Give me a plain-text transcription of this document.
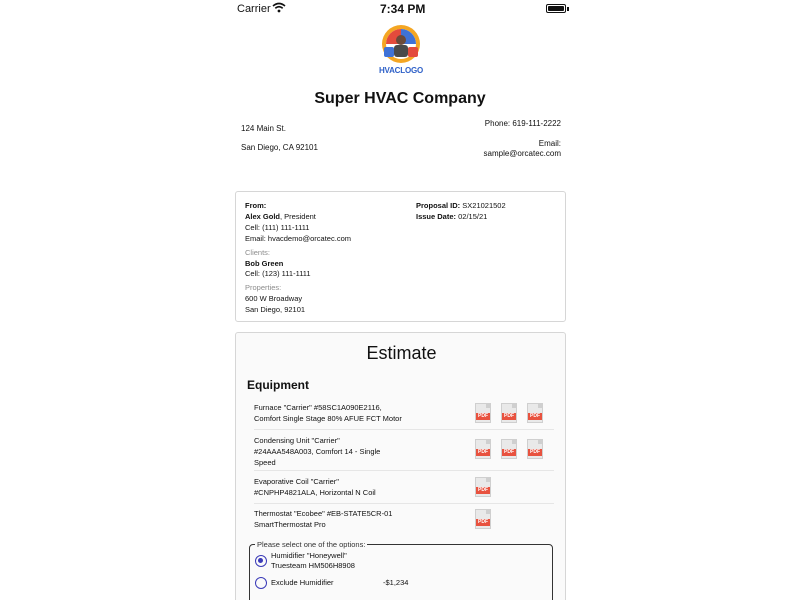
Carrier	7:34 PM
HVACLOGO
Super HVAC Company
124 Main St.
San Diego, CA 92101
Phone: 619-111-2222
Email:
sample@orcatec.com
From:
Alex Gold, President
Cell: (111) 111-1111
Email: hvacdemo@orcatec.com
Clients:
Bob Green
Cell: (123) 111-1111
Properties:
600 W Broadway
San Diego, 92101
Proposal ID: SX21021502
Issue Date: 02/15/21
Estimate
Equipment
Furnace "Carrier" #58SC1A090E2116,
Comfort Single Stage 80% AFUE FCT Motor	PDF	PDF	PDF
Condensing Unit "Carrier"
#24AAA548A003, Comfort 14 - Single
Speed
PDF	PDF	PDF
Evaporative Coil "Carrier"
#CNPHP4821ALA, Horizontal N Coil	PDF
Thermostat "Ecobee" #EB-STATE5CR-01
SmartThermostat Pro	PDF
Please select one of the options:
Humidifier "Honeywell"
Truesteam HM506H8908
Exclude Humidifier	-$1,234
